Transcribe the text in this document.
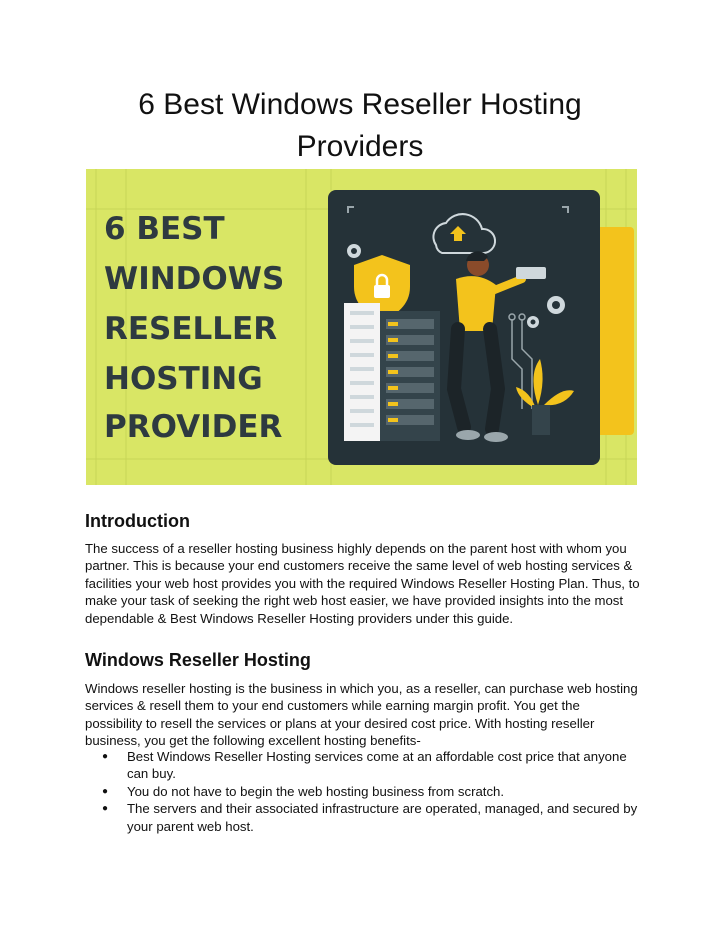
6 Best Windows Reseller Hosting Providers
6 BEST
WINDOWS
RESELLER
HOSTING
PROVIDER
Introduction

The success of a reseller hosting business highly depends on the parent host with whom you partner. This is because your end customers receive the same level of web hosting services & facilities your web host provides you with the required Windows Reseller Hosting Plan. Thus, to make your task of seeking the right web host easier, we have provided insights into the most dependable & Best Windows Reseller Hosting providers under this guide.

Windows Reseller Hosting

Windows reseller hosting is the business in which you, as a reseller, can purchase web hosting services & resell them to your end customers while earning margin profit. You get the possibility to resell the services or plans at your desired cost price. With hosting reseller business, you get the following excellent hosting benefits-

● Best Windows Reseller Hosting services come at an affordable cost price that anyone can buy.
● You do not have to begin the web hosting business from scratch.
● The servers and their associated infrastructure are operated, managed, and secured by your parent web host.
